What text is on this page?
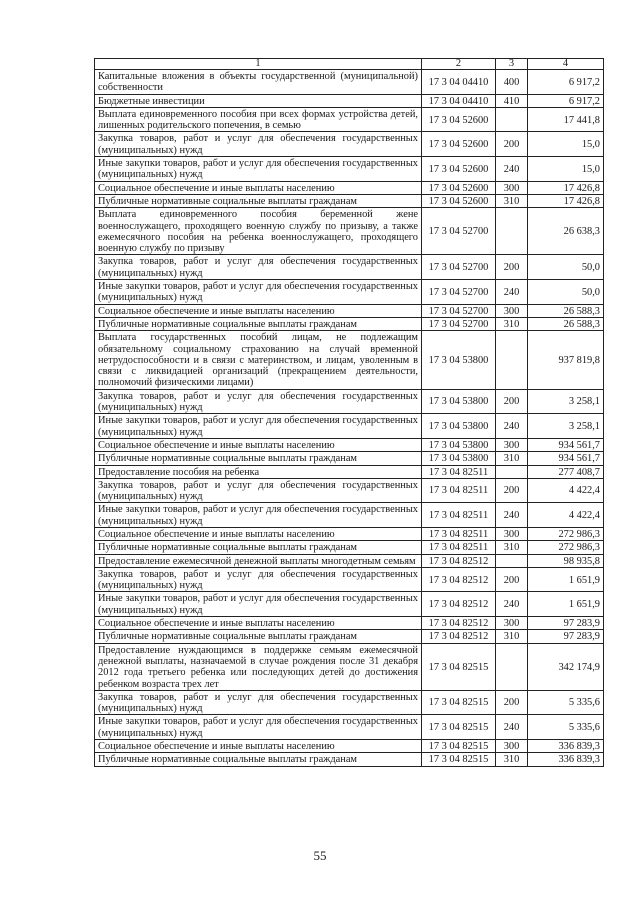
1	2	3	4
Капитальные вложения в объекты государственной (муниципальной) собственности	17 3 04 04410	400	6 917,2
Бюджетные инвестиции	17 3 04 04410	410	6 917,2
Выплата единовременного пособия при всех формах устройства детей, лишенных родительского попечения, в семью	17 3 04 52600		17 441,8
Закупка товаров, работ и услуг для обеспечения государственных (муниципальных) нужд	17 3 04 52600	200	15,0
Иные закупки товаров, работ и услуг для обеспечения государственных (муниципальных) нужд	17 3 04 52600	240	15,0
Социальное обеспечение и иные выплаты населению	17 3 04 52600	300	17 426,8
Публичные нормативные социальные выплаты гражданам	17 3 04 52600	310	17 426,8
Выплата единовременного пособия беременной жене военнослужащего, проходящего военную службу по призыву, а также ежемесячного пособия на ребенка военнослужащего, проходящего военную службу по призыву	17 3 04 52700		26 638,3
Закупка товаров, работ и услуг для обеспечения государственных (муниципальных) нужд	17 3 04 52700	200	50,0
Иные закупки товаров, работ и услуг для обеспечения государственных (муниципальных) нужд	17 3 04 52700	240	50,0
Социальное обеспечение и иные выплаты населению	17 3 04 52700	300	26 588,3
Публичные нормативные социальные выплаты гражданам	17 3 04 52700	310	26 588,3
Выплата государственных пособий лицам, не подлежащим обязательному социальному страхованию на случай временной нетрудоспособности и в связи с материнством, и лицам, уволенным в связи с ликвидацией организаций (прекращением деятельности, полномочий физическими лицами)	17 3 04 53800		937 819,8
Закупка товаров, работ и услуг для обеспечения государственных (муниципальных) нужд	17 3 04 53800	200	3 258,1
Иные закупки товаров, работ и услуг для обеспечения государственных (муниципальных) нужд	17 3 04 53800	240	3 258,1
Социальное обеспечение и иные выплаты населению	17 3 04 53800	300	934 561,7
Публичные нормативные социальные выплаты гражданам	17 3 04 53800	310	934 561,7
Предоставление пособия на ребенка	17 3 04 82511		277 408,7
Закупка товаров, работ и услуг для обеспечения государственных (муниципальных) нужд	17 3 04 82511	200	4 422,4
Иные закупки товаров, работ и услуг для обеспечения государственных (муниципальных) нужд	17 3 04 82511	240	4 422,4
Социальное обеспечение и иные выплаты населению	17 3 04 82511	300	272 986,3
Публичные нормативные социальные выплаты гражданам	17 3 04 82511	310	272 986,3
Предоставление ежемесячной денежной выплаты многодетным семьям	17 3 04 82512		98 935,8
Закупка товаров, работ и услуг для обеспечения государственных (муниципальных) нужд	17 3 04 82512	200	1 651,9
Иные закупки товаров, работ и услуг для обеспечения государственных (муниципальных) нужд	17 3 04 82512	240	1 651,9
Социальное обеспечение и иные выплаты населению	17 3 04 82512	300	97 283,9
Публичные нормативные социальные выплаты гражданам	17 3 04 82512	310	97 283,9
Предоставление нуждающимся в поддержке семьям ежемесячной денежной выплаты, назначаемой в случае рождения после 31 декабря 2012 года третьего ребенка или последующих детей до достижения ребенком возраста трех лет	17 3 04 82515		342 174,9
Закупка товаров, работ и услуг для обеспечения государственных (муниципальных) нужд	17 3 04 82515	200	5 335,6
Иные закупки товаров, работ и услуг для обеспечения государственных (муниципальных) нужд	17 3 04 82515	240	5 335,6
Социальное обеспечение и иные выплаты населению	17 3 04 82515	300	336 839,3
Публичные нормативные социальные выплаты гражданам	17 3 04 82515	310	336 839,3
55
